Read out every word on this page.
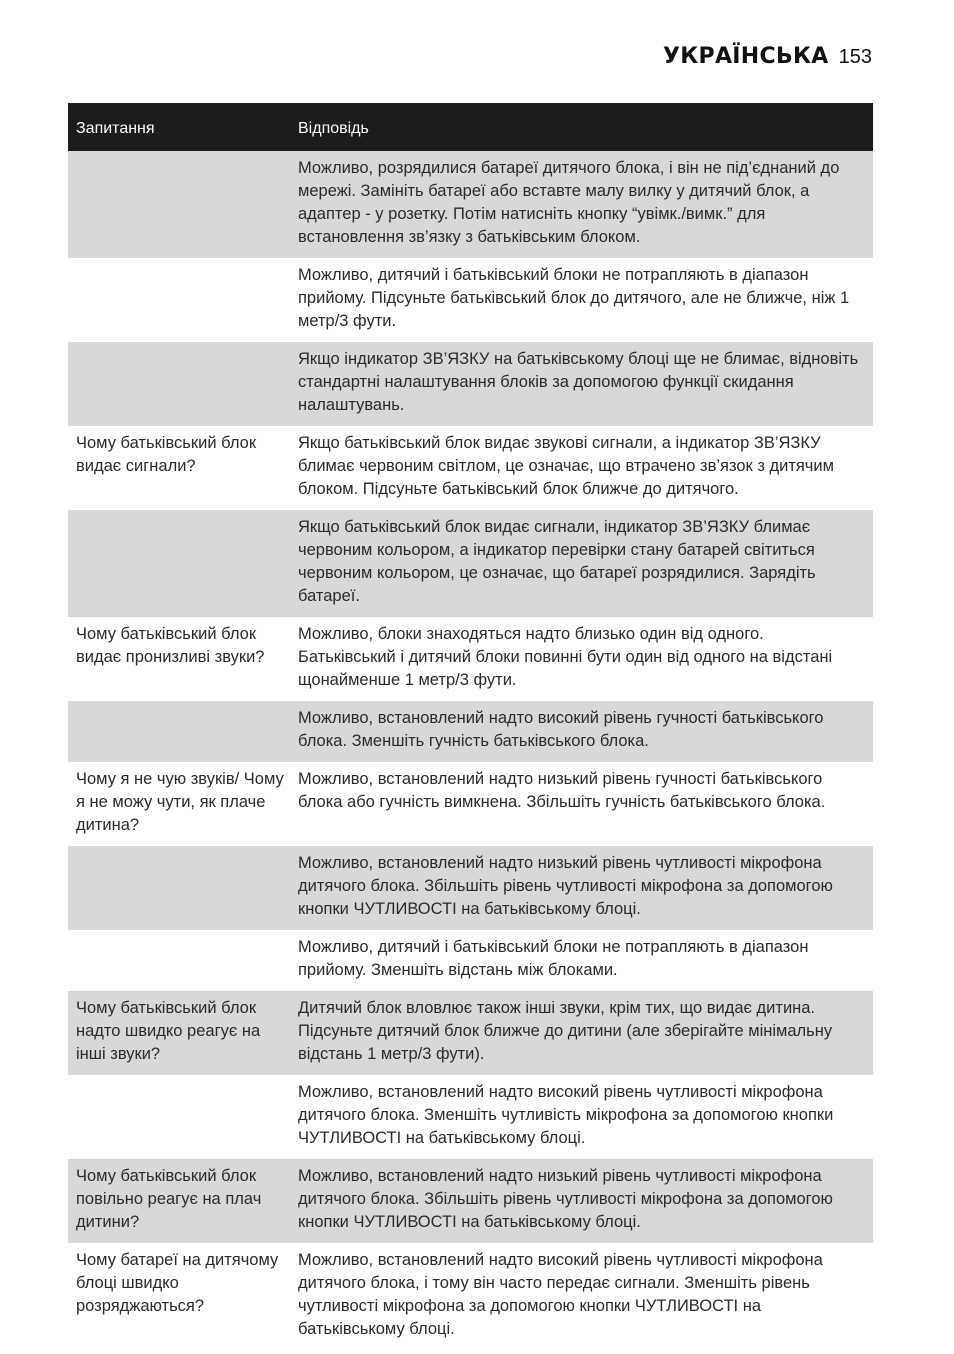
УКРАЇНСЬКА 153
Запитання	Відповідь
	Можливо, розрядилися батареї дитячого блока, і він не під’єднаний до мережі. Замініть батареї або вставте малу вилку у дитячий блок, а адаптер - у розетку. Потім натисніть кнопку “увімк./вимк.” для встановлення зв’язку з батьківським блоком.
	Можливо, дитячий і батьківський блоки не потрапляють в діапазон прийому. Підсуньте батьківський блок до дитячого, але не ближче, ніж 1 метр/3 фути.
	Якщо індикатор ЗВ’ЯЗКУ на батьківському блоці ще не блимає, відновіть стандартні налаштування блоків за допомогою функції скидання налаштувань.
Чому батьківський блок видає сигнали?	Якщо батьківський блок видає звукові сигнали, а індикатор ЗВ’ЯЗКУ блимає червоним світлом, це означає, що втрачено зв’язок з дитячим блоком. Підсуньте батьківський блок ближче до дитячого.
	Якщо батьківський блок видає сигнали, індикатор ЗВ’ЯЗКУ блимає червоним кольором, а індикатор перевірки стану батарей світиться червоним кольором, це означає, що батареї розрядилися. Зарядіть батареї.
Чому батьківський блок видає пронизливі звуки?	Можливо, блоки знаходяться надто близько один від одного. Батьківський і дитячий блоки повинні бути один від одного на відстані щонайменше 1 метр/3 фути.
	Можливо, встановлений надто високий рівень гучності батьківського блока. Зменшіть гучність батьківського блока.
Чому я не чую звуків/ Чому я не можу чути, як плаче дитина?	Можливо, встановлений надто низький рівень гучності батьківського блока або гучність вимкнена. Збільшіть гучність батьківського блока.
	Можливо, встановлений надто низький рівень чутливості мікрофона дитячого блока. Збільшіть рівень чутливості мікрофона за допомогою кнопки ЧУТЛИВОСТІ на батьківському блоці.
	Можливо, дитячий і батьківський блоки не потрапляють в діапазон прийому. Зменшіть відстань між блоками.
Чому батьківський блок надто швидко реагує на інші звуки?	Дитячий блок вловлює також інші звуки, крім тих, що видає дитина. Підсуньте дитячий блок ближче до дитини (але зберігайте мінімальну відстань 1 метр/3 фути).
	Можливо, встановлений надто високий рівень чутливості мікрофона дитячого блока. Зменшіть чутливість мікрофона за допомогою кнопки ЧУТЛИВОСТІ на батьківському блоці.
Чому батьківський блок повільно реагує на плач дитини?	Можливо, встановлений надто низький рівень чутливості мікрофона дитячого блока. Збільшіть рівень чутливості мікрофона за допомогою кнопки ЧУТЛИВОСТІ на батьківському блоці.
Чому батареї на дитячому блоці швидко розряджаються?	Можливо, встановлений надто високий рівень чутливості мікрофона дитячого блока, і тому він часто передає сигнали. Зменшіть рівень чутливості мікрофона за допомогою кнопки ЧУТЛИВОСТІ на батьківському блоці.
